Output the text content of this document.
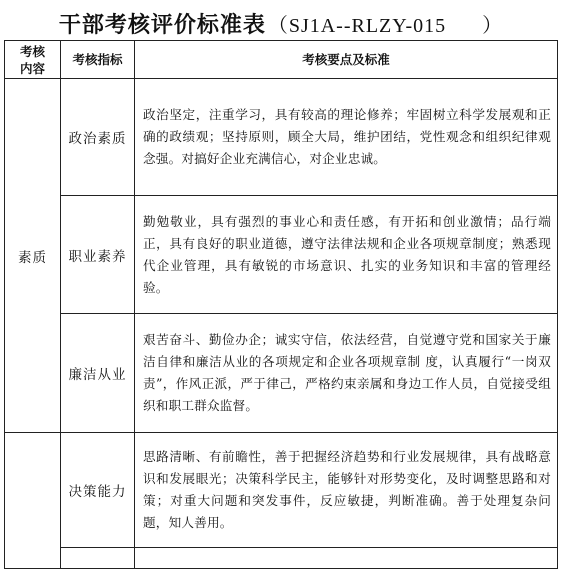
干部考核评价标准表 （SJ1A--RLZY-015      ）
考核
内容	考核指标	考核要点及标准
素质	政治素质	政治坚定，注重学习，具有较高的理论修养；牢固树立科学发展观和正确的政绩观；坚持原则，顾全大局，维护团结，党性观念和组织纪律观念强。对搞好企业充满信心，对企业忠诚。
	职业素养	勤勉敬业，具有强烈的事业心和责任感，有开拓和创业激情；品行端正，具有良好的职业道德，遵守法律法规和企业各项规章制度；熟悉现代企业管理，具有敏锐的市场意识、扎实的业务知识和丰富的管理经验。
	廉洁从业	艰苦奋斗、勤俭办企；诚实守信，依法经营，自觉遵守党和国家关于廉洁自律和廉洁从业的各项规定和企业各项规章制 度，认真履行“一岗双责”，作风正派，严于律己，严格约束亲属和身边工作人员，自觉接受组织和职工群众监督。
	决策能力	思路清晰、有前瞻性，善于把握经济趋势和行业发展规律，具有战略意识和发展眼光；决策科学民主，能够针对形势变化，及时调整思路和对策；对重大问题和突发事件，反应敏捷，判断准确。善于处理复杂问题，知人善用。
